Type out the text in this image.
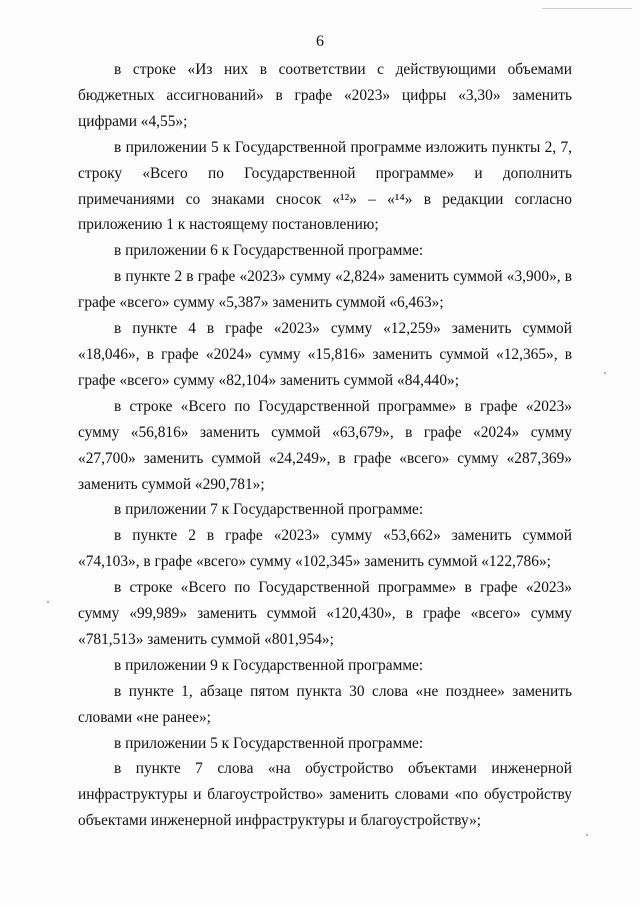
6

в строке «Из них в соответствии с действующими объемами бюджетных ассигнований» в графе «2023» цифры «3,30» заменить цифрами «4,55»;

в приложении 5 к Государственной программе изложить пункты 2, 7, строку «Всего по Государственной программе» и дополнить примечаниями со знаками сносок «¹²» – «¹⁴» в редакции согласно приложению 1 к настоящему постановлению;

в приложении 6 к Государственной программе:

в пункте 2 в графе «2023» сумму «2,824» заменить суммой «3,900», в графе «всего» сумму «5,387» заменить суммой «6,463»;

в пункте 4 в графе «2023» сумму «12,259» заменить суммой «18,046», в графе «2024» сумму «15,816» заменить суммой «12,365», в графе «всего» сумму «82,104» заменить суммой «84,440»;

в строке «Всего по Государственной программе» в графе «2023» сумму «56,816» заменить суммой «63,679», в графе «2024» сумму «27,700» заменить суммой «24,249», в графе «всего» сумму «287,369» заменить суммой «290,781»;

в приложении 7 к Государственной программе:

в пункте 2 в графе «2023» сумму «53,662» заменить суммой «74,103», в графе «всего» сумму «102,345» заменить суммой «122,786»;

в строке «Всего по Государственной программе» в графе «2023» сумму «99,989» заменить суммой «120,430», в графе «всего» сумму «781,513» заменить суммой «801,954»;

в приложении 9 к Государственной программе:

в пункте 1, абзаце пятом пункта 30 слова «не позднее» заменить словами «не ранее»;

в приложении 5 к Государственной программе:

в пункте 7 слова «на обустройство объектами инженерной инфраструктуры и благоустройство» заменить словами «по обустройству объектами инженерной инфраструктуры и благоустройству»;
